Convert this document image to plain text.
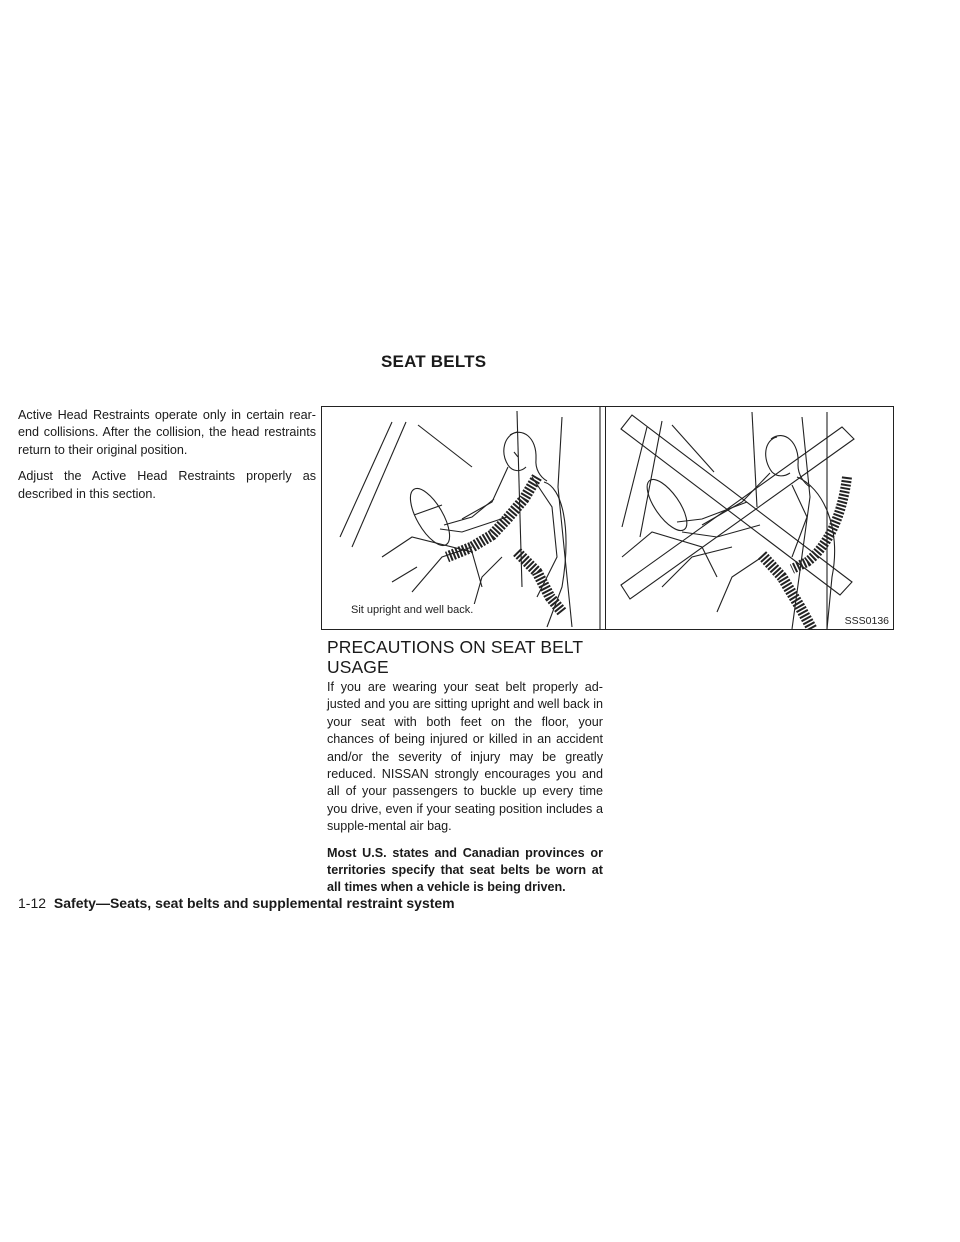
SEAT BELTS

Active Head Restraints operate only in certain rear-end collisions. After the collision, the head restraints return to their original position.

Adjust the Active Head Restraints properly as described in this section.

Sit upright and well back.
SSS0136
PRECAUTIONS ON SEAT BELT USAGE

If you are wearing your seat belt properly ad-justed and you are sitting upright and well back in your seat with both feet on the floor, your chances of being injured or killed in an accident and/or the severity of injury may be greatly reduced. NISSAN strongly encourages you and all of your passengers to buckle up every time you drive, even if your seating position includes a supple-mental air bag.

Most U.S. states and Canadian provinces or territories specify that seat belts be worn at all times when a vehicle is being driven.

1-12 Safety—Seats, seat belts and supplemental restraint system
